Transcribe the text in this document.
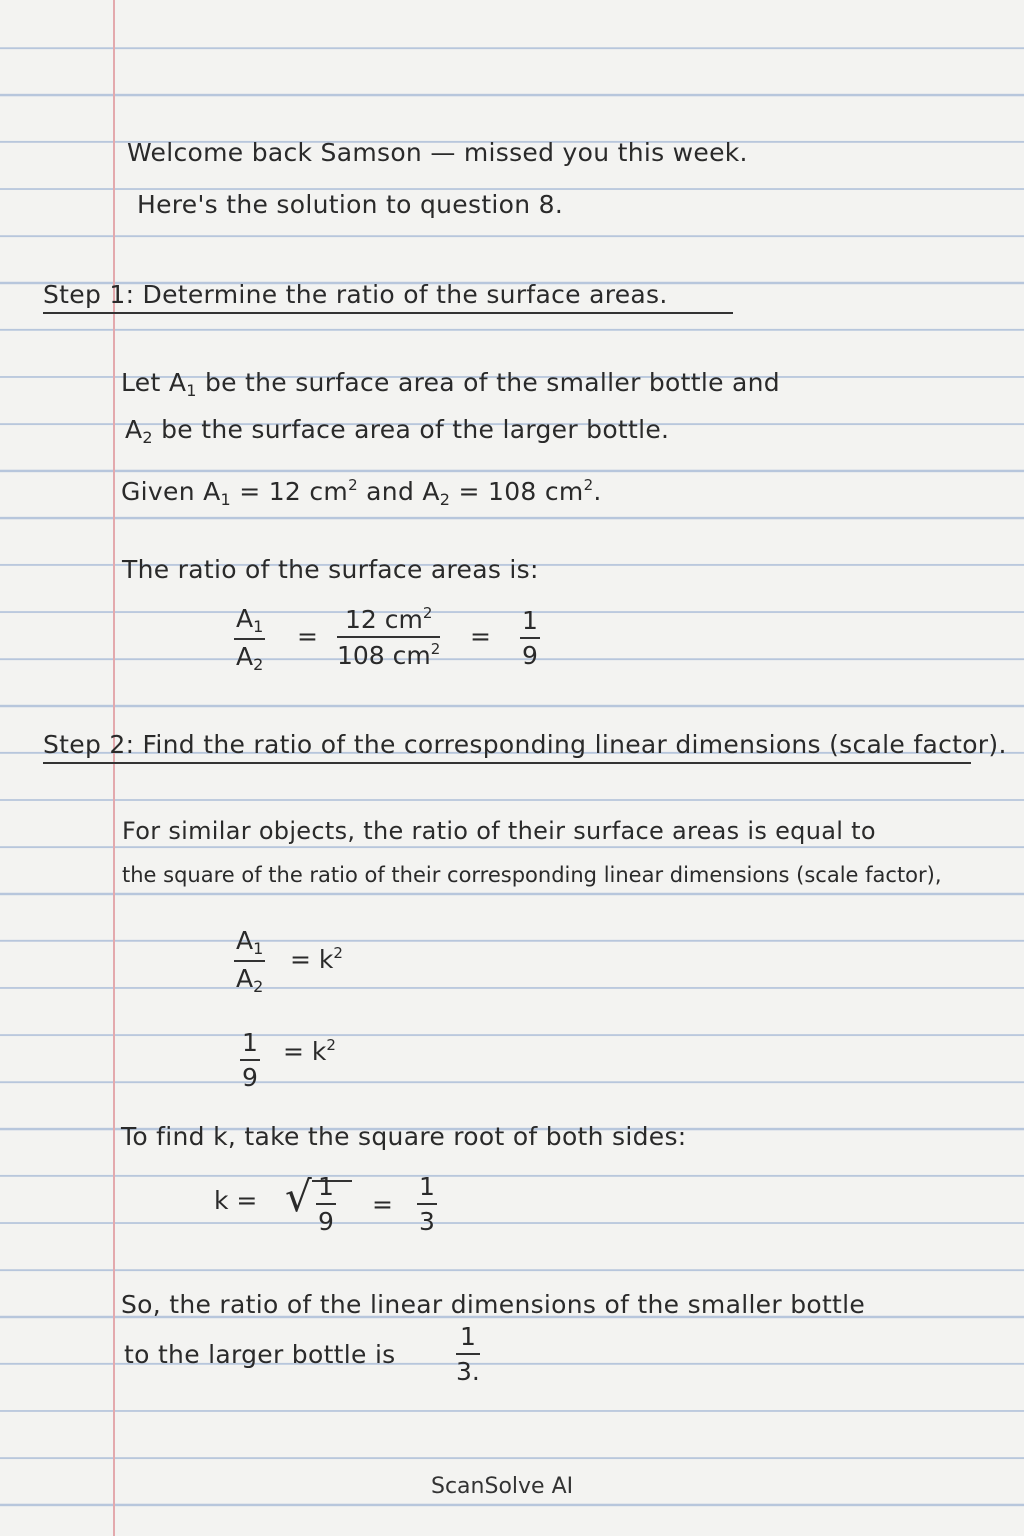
Welcome back Samson — missed you this week.
Here's the solution to question 8.
Step 1: Determine the ratio of the surface areas.
Let $A_1$ be the surface area of the smaller bottle and
$A_2$ be the surface area of the larger bottle.
Given $A_1 = 12$ $cm^2$ and $A_2 = 108$ $cm^2$.
The ratio of the surface areas is:
$A_1$
$A_2$
=
12 $cm^2$
108 $cm^2$ =
1
9
Step 2: Find the ratio of the corresponding linear dimensions (scale factor).
For similar objects, the ratio of their surface areas is equal to
the square of the ratio of their corresponding linear dimensions (scale factor),
$A_1$
$A_2$
= $k^2$
1
9
= $k^2$
To find k, take the square root of both sides:
k = √ 1
9
=
1
3
So, the ratio of the linear dimensions of the smaller bottle
to the larger bottle is
1
3.
ScanSolve AI
